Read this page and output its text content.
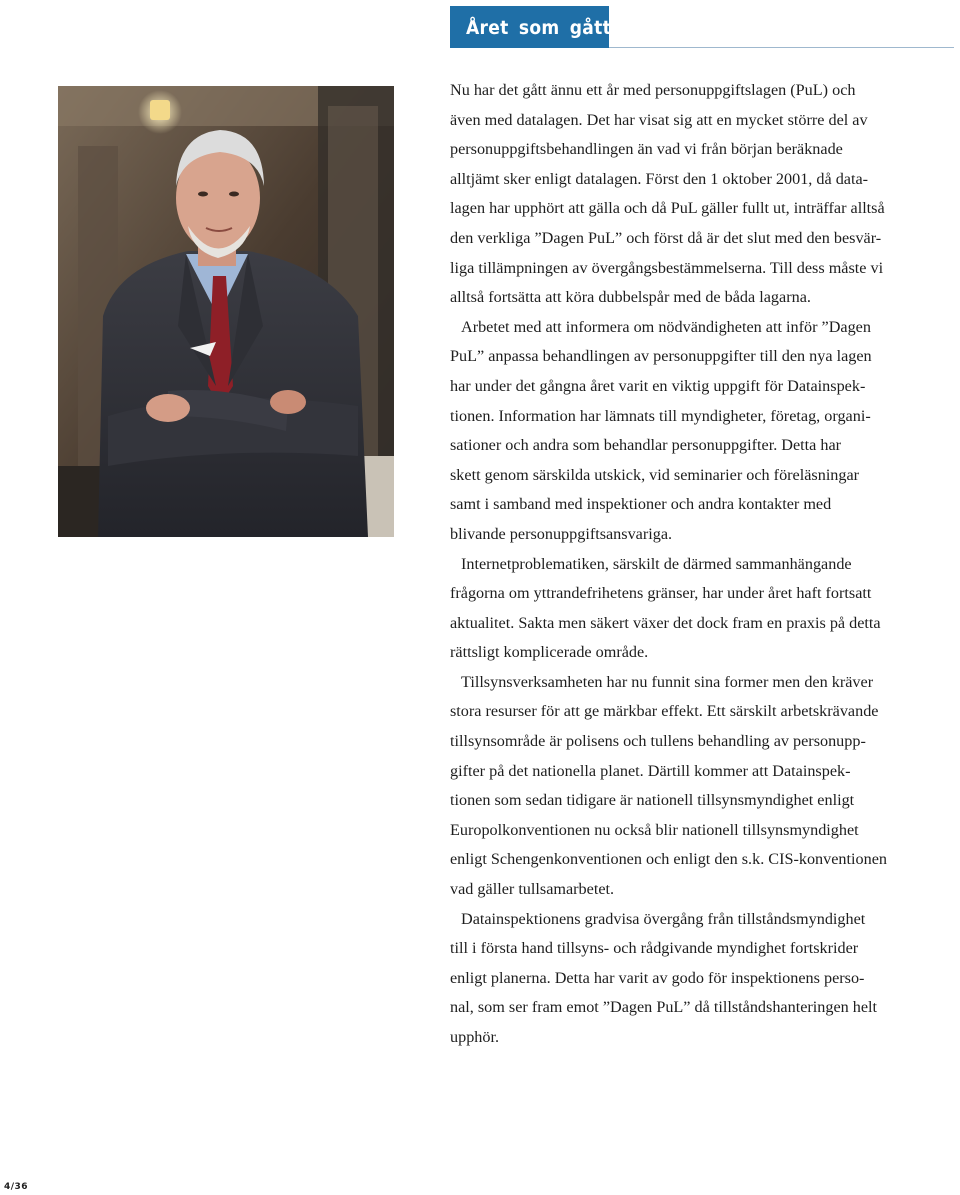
Året som gått
Nu har det gått ännu ett år med personuppgiftslagen (PuL) och
även med datalagen. Det har visat sig att en mycket större del av
personuppgiftsbehandlingen än vad vi från början beräknade
alltjämt sker enligt datalagen. Först den 1 oktober 2001, då data-
lagen har upphört att gälla och då PuL gäller fullt ut, inträffar alltså
den verkliga ”Dagen PuL” och först då är det slut med den besvär-
liga tillämpningen av övergångsbestämmelserna. Till dess måste vi
alltså fortsätta att köra dubbelspår med de båda lagarna.
Arbetet med att informera om nödvändigheten att inför ”Dagen
PuL” anpassa behandlingen av personuppgifter till den nya lagen
har under det gångna året varit en viktig uppgift för Datainspek-
tionen. Information har lämnats till myndigheter, företag, organi-
sationer och andra som behandlar personuppgifter. Detta har
skett genom särskilda utskick, vid seminarier och föreläsningar
samt i samband med inspektioner och andra kontakter med
blivande personuppgiftsansvariga.
Internetproblematiken, särskilt de därmed sammanhängande
frågorna om yttrandefrihetens gränser, har under året haft fortsatt
aktualitet. Sakta men säkert växer det dock fram en praxis på detta
rättsligt komplicerade område.
Tillsynsverksamheten har nu funnit sina former men den kräver
stora resurser för att ge märkbar effekt. Ett särskilt arbetskrävande
tillsynsområde är polisens och tullens behandling av personupp-
gifter på det nationella planet. Därtill kommer att Datainspek-
tionen som sedan tidigare är nationell tillsynsmyndighet enligt
Europolkonventionen nu också blir nationell tillsynsmyndighet
enligt Schengenkonventionen och enligt den s.k. CIS-konventionen
vad gäller tullsamarbetet.
Datainspektionens gradvisa övergång från tillståndsmyndighet
till i första hand tillsyns- och rådgivande myndighet fortskrider
enligt planerna. Detta har varit av godo för inspektionens perso-
nal, som ser fram emot ”Dagen PuL” då tillståndshanteringen helt
upphör.
4/36
